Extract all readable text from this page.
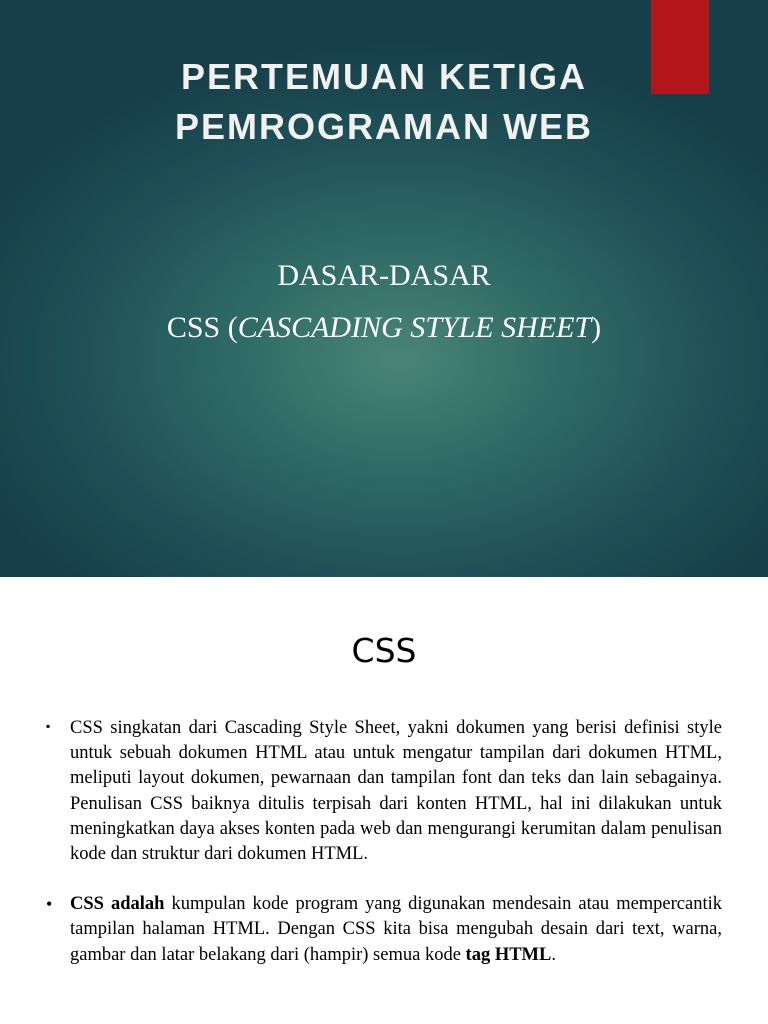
PERTEMUAN KETIGA
PEMROGRAMAN WEB
DASAR-DASAR
CSS (CASCADING STYLE SHEET)
CSS
▪	CSS singkatan dari Cascading Style Sheet, yakni dokumen yang berisi definisi style untuk sebuah dokumen HTML atau untuk mengatur tampilan dari dokumen HTML, meliputi layout dokumen, pewarnaan dan tampilan font dan teks dan lain sebagainya. Penulisan CSS baiknya ditulis terpisah dari konten HTML, hal ini dilakukan untuk meningkatkan daya akses konten pada web dan mengurangi kerumitan dalam penulisan kode dan struktur dari dokumen HTML.

• CSS adalah kumpulan kode program yang digunakan mendesain atau mempercantik tampilan halaman HTML. Dengan CSS kita bisa mengubah desain dari text, warna, gambar dan latar belakang dari (hampir) semua kode tag HTML.
